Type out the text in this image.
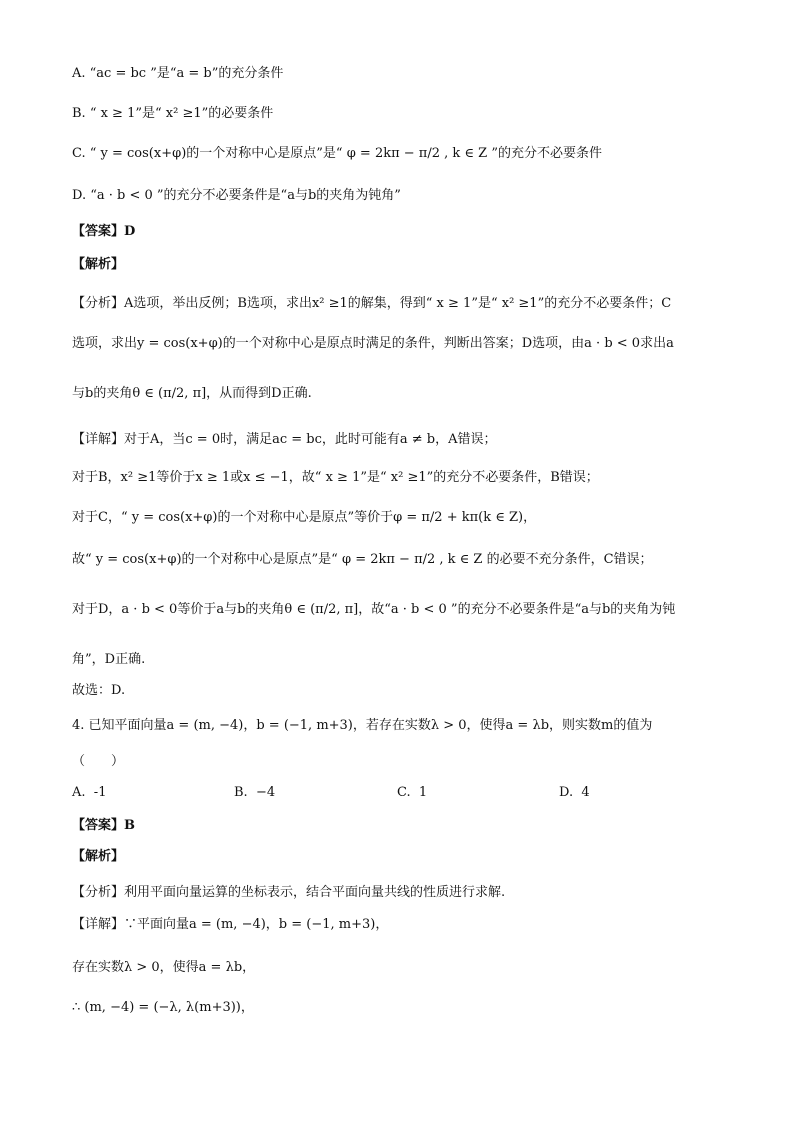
A. “ac = bc ”是“a = b”的充分条件
B. “ x ≥ 1”是“ x² ≥1”的必要条件
C. “ y = cos(x+φ)的一个对称中心是原点”是“ φ = 2kπ − π/2 , k ∈ Z ”的充分不必要条件
D. “a · b < 0 ”的充分不必要条件是“a与b的夹角为钝角”
【答案】D
【解析】
【分析】A选项，举出反例；B选项，求出x² ≥1的解集，得到“ x ≥ 1”是“ x² ≥1”的充分不必要条件；C
选项，求出y = cos(x+φ)的一个对称中心是原点时满足的条件，判断出答案；D选项，由a · b < 0求出a
与b的夹角θ ∈ (π/2, π]，从而得到D正确.
【详解】对于A，当c = 0时，满足ac = bc，此时可能有a ≠ b，A错误；
对于B，x² ≥1等价于x ≥ 1或x ≤ −1，故“ x ≥ 1”是“ x² ≥1”的充分不必要条件，B错误；
对于C，“ y = cos(x+φ)的一个对称中心是原点”等价于φ = π/2 + kπ(k ∈ Z)，
故“ y = cos(x+φ)的一个对称中心是原点”是“ φ = 2kπ − π/2 , k ∈ Z 的必要不充分条件，C错误；
对于D，a · b < 0等价于a与b的夹角θ ∈ (π/2, π]，故“a · b < 0 ”的充分不必要条件是“a与b的夹角为钝
角”，D正确.
故选：D.
4. 已知平面向量a = (m, −4)，b = (−1, m+3)，若存在实数λ > 0，使得a = λb，则实数m的值为
（　　）
A. -1	B. −4	C. 1	D. 4
【答案】B
【解析】
【分析】利用平面向量运算的坐标表示，结合平面向量共线的性质进行求解.
【详解】∵平面向量a = (m, −4)，b = (−1, m+3)，
存在实数λ > 0，使得a = λb，
∴ (m, −4) = (−λ, λ(m+3))，
